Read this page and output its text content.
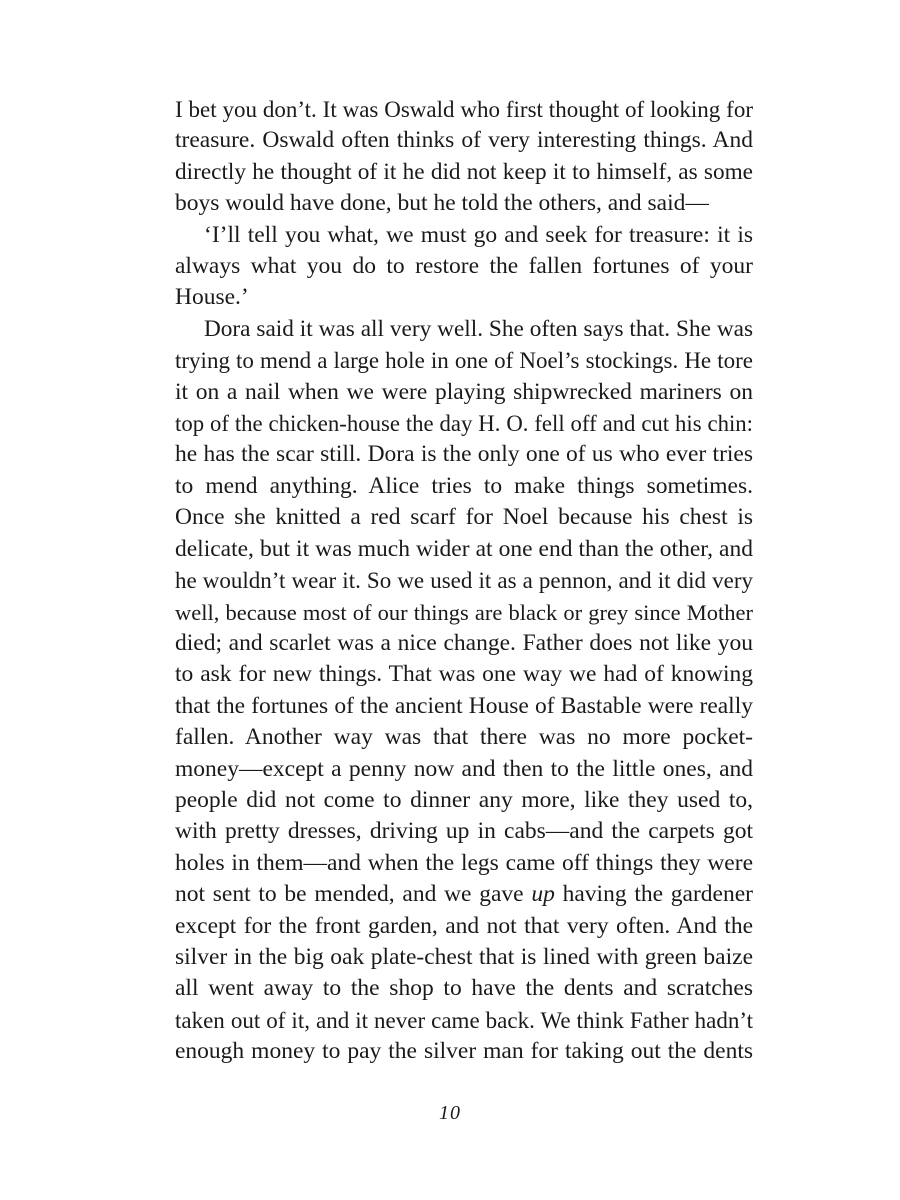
I bet you don’t. It was Oswald who first thought of looking for
treasure. Oswald often thinks of very interesting things. And
directly he thought of it he did not keep it to himself, as some
boys would have done, but he told the others, and said—
‘I’ll tell you what, we must go and seek for treasure: it is
always what you do to restore the fallen fortunes of your
House.’
Dora said it was all very well. She often says that. She was
trying to mend a large hole in one of Noel’s stockings. He tore
it on a nail when we were playing shipwrecked mariners on
top of the chicken-house the day H. O. fell off and cut his chin:
he has the scar still. Dora is the only one of us who ever tries
to mend anything. Alice tries to make things sometimes.
Once she knitted a red scarf for Noel because his chest is
delicate, but it was much wider at one end than the other, and
he wouldn’t wear it. So we used it as a pennon, and it did very
well, because most of our things are black or grey since Mother
died; and scarlet was a nice change. Father does not like you
to ask for new things. That was one way we had of knowing
that the fortunes of the ancient House of Bastable were really
fallen. Another way was that there was no more pocket-
money—except a penny now and then to the little ones, and
people did not come to dinner any more, like they used to,
with pretty dresses, driving up in cabs—and the carpets got
holes in them—and when the legs came off things they were
not sent to be mended, and we gave up having the gardener
except for the front garden, and not that very often. And the
silver in the big oak plate-chest that is lined with green baize
all went away to the shop to have the dents and scratches
taken out of it, and it never came back. We think Father hadn’t
enough money to pay the silver man for taking out the dents
10
